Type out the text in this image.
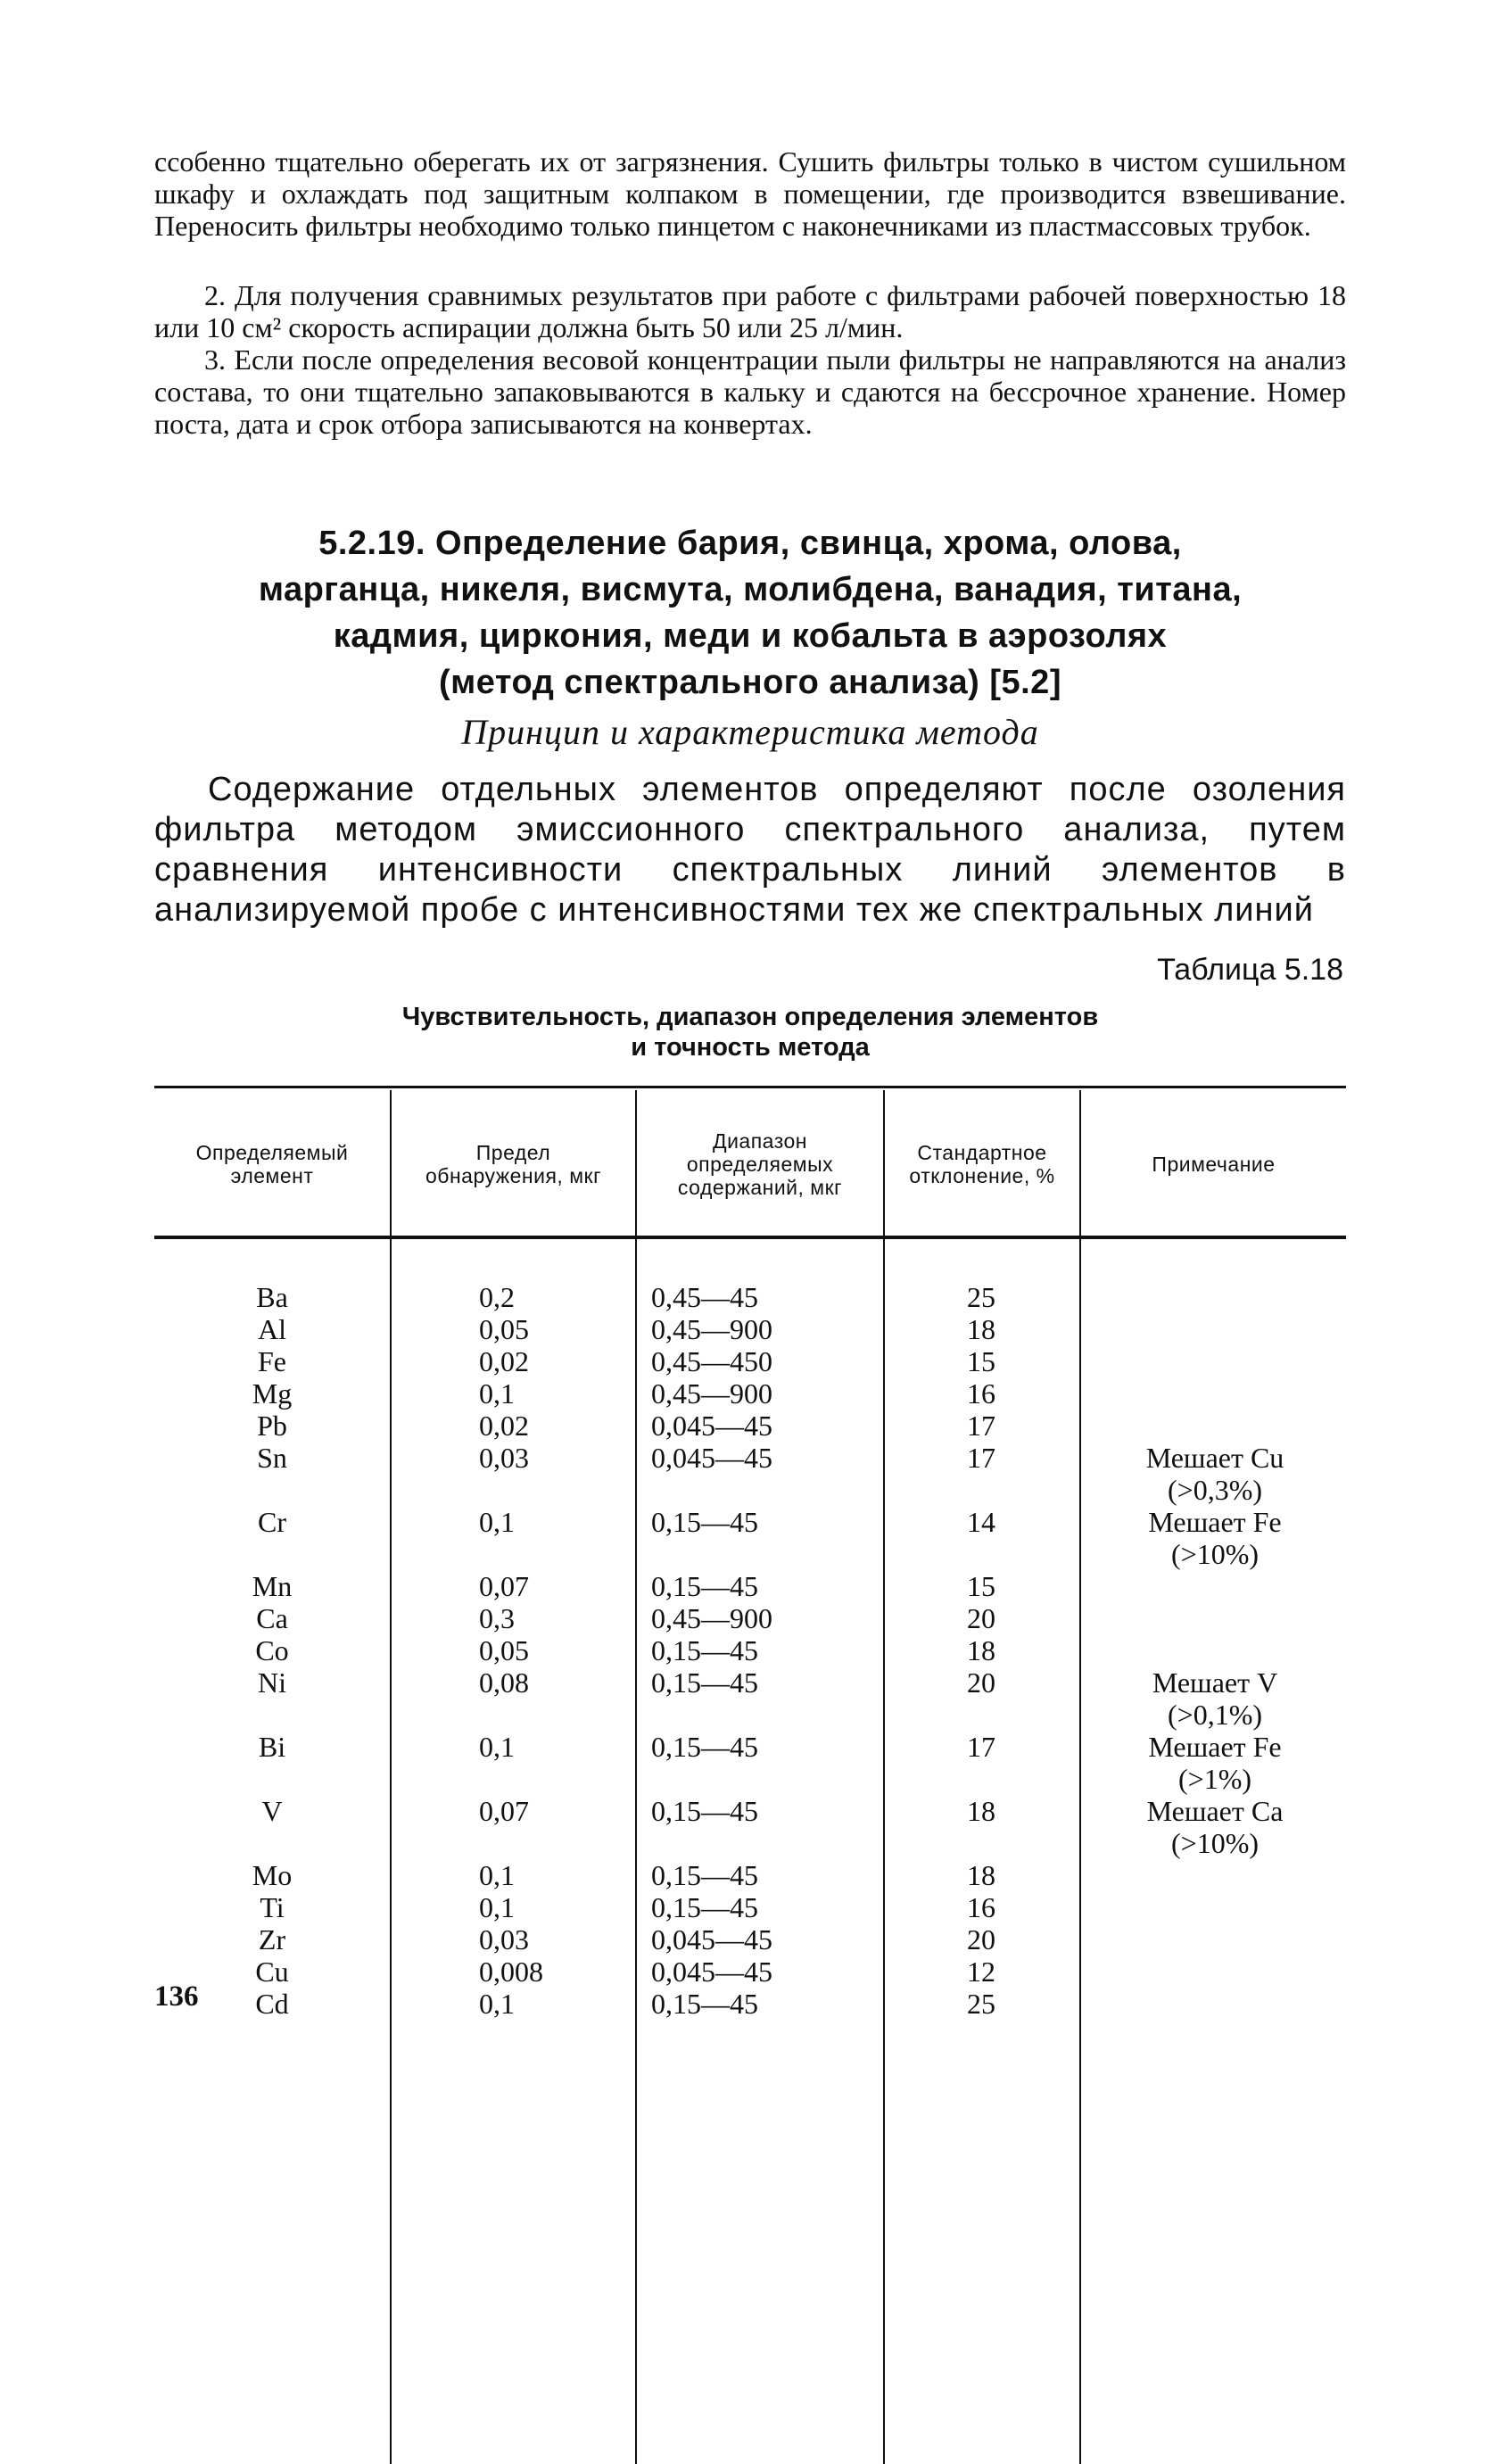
ссобенно тщательно оберегать их от загрязнения. Сушить фильтры только в чистом сушильном шкафу и охлаждать под защитным колпаком в помещении, где производится взвешивание. Переносить фильтры необходимо только пинцетом с наконечниками из пластмассовых трубок.

2. Для получения сравнимых результатов при работе с фильтрами рабочей поверхностью 18 или 10 см² скорость аспирации должна быть 50 или 25 л/мин.

3. Если после определения весовой концентрации пыли фильтры не направляются на анализ состава, то они тщательно запаковываются в кальку и сдаются на бессрочное хранение. Номер поста, дата и срок отбора записываются на конвертах.

5.2.19. Определение бария, свинца, хрома, олова,
марганца, никеля, висмута, молибдена, ванадия, титана,
кадмия, циркония, меди и кобальта в аэрозолях
(метод спектрального анализа) [5.2]

Принцип и характеристика метода

Содержание отдельных элементов определяют после озоления фильтра методом эмиссионного спектрального анализа, путем сравнения интенсивности спектральных линий элементов в анализируемой пробе с интенсивностями тех же спектральных линий

Таблица 5.18

Чувствительность, диапазон определения элементов
и точность метода
Определяемый элемент
Предел обнаружения, мкг
Диапазон определяемых содержаний, мкг
Стандартное отклонение, %	Примечание
Ba
Al
Fe
Mg
Pb
Sn
Cr
Mn
Ca
Co
Ni
Bi
V
Mo
Ti
Zr
Cu
Cd
0,2
0,05
0,02
0,1
0,02
0,03
0,1
0,07
0,3
0,05
0,08
0,1
0,07
0,1
0,1
0,03
0,008
0,1
0,45—45
0,45—900
0,45—450
0,45—900
0,045—45
0,045—45
0,15—45
0,15—45
0,45—900
0,15—45
0,15—45
0,15—45
0,15—45
0,15—45
0,15—45
0,045—45
0,045—45
0,15—45
25
18
15
16
17
17
14
15
20
18
20
17
18
18
16
20
12
25
Мешает Cu
(>0,3%)
Мешает Fe
(>10%)
Мешает V
(>0,1%)
Мешает Fe
(>1%)
Мешает Ca
(>10%)

136
